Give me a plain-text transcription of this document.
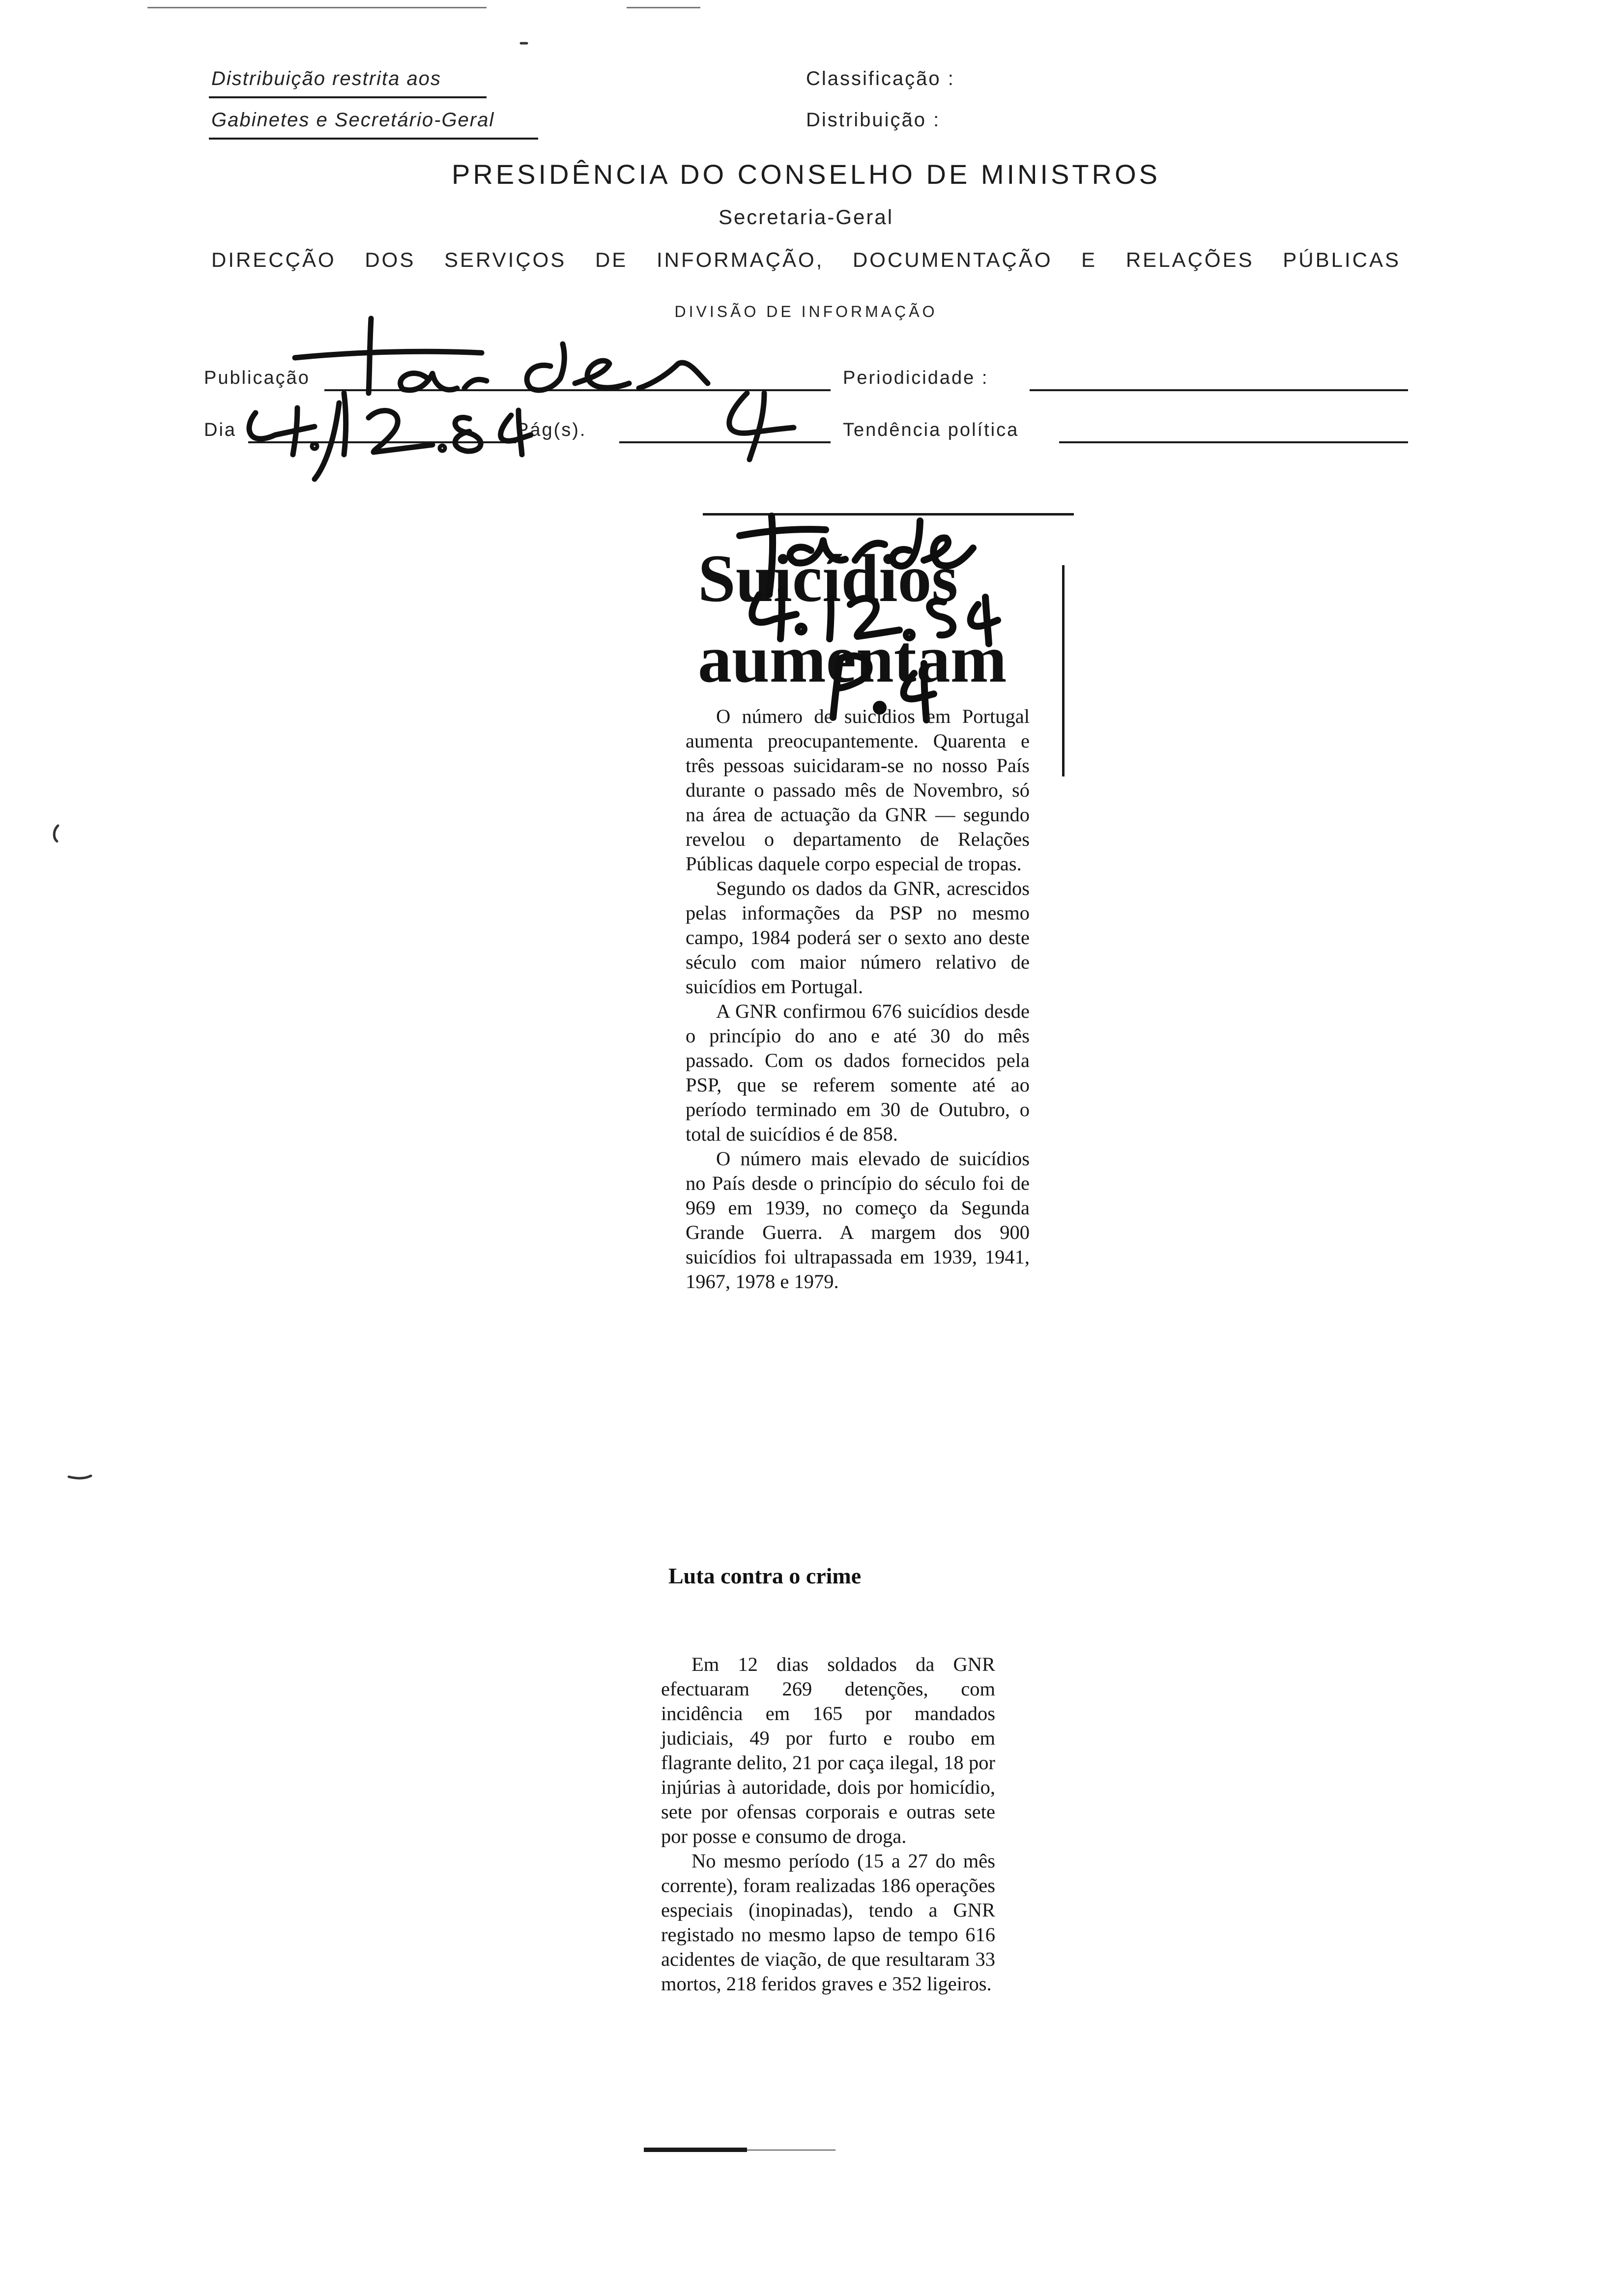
Distribuição restrita aos
Gabinetes e Secretário-Geral
Classificação :
Distribuição :
PRESIDÊNCIA DO CONSELHO DE MINISTROS
Secretaria-Geral
DIRECÇÃO DOS SERVIÇOS DE INFORMAÇÃO, DOCUMENTAÇÃO E RELAÇÕES PÚBLICAS
DIVISÃO DE INFORMAÇÃO
Publicação	Periodicidade :
Dia	Pág(s).	Tendência política
Suicídios
aumentam

O número de suicídios em Portugal aumenta preocupantemente. Quarenta e três pessoas suicidaram-se no nosso País durante o passado mês de Novembro, só na área de actuação da GNR — segundo revelou o departamento de Relações Públicas daquele corpo especial de tropas.

Segundo os dados da GNR, acrescidos pelas informações da PSP no mesmo campo, 1984 poderá ser o sexto ano deste século com maior número relativo de suicídios em Portugal.

A GNR confirmou 676 suicídios desde o princípio do ano e até 30 do mês passado. Com os dados fornecidos pela PSP, que se referem somente até ao período terminado em 30 de Outubro, o total de suicídios é de 858.

O número mais elevado de suicídios no País desde o princípio do século foi de 969 em 1939, no começo da Segunda Grande Guerra. A margem dos 900 suicídios foi ultrapassada em 1939, 1941, 1967, 1978 e 1979.

Luta contra o crime

Em 12 dias soldados da GNR efectuaram 269 detenções, com incidência em 165 por mandados judiciais, 49 por furto e roubo em flagrante delito, 21 por caça ilegal, 18 por injúrias à autoridade, dois por homicídio, sete por ofensas corporais e outras sete por posse e consumo de droga.

No mesmo período (15 a 27 do mês corrente), foram realizadas 186 operações especiais (inopinadas), tendo a GNR registado no mesmo lapso de tempo 616 acidentes de viação, de que resultaram 33 mortos, 218 feridos graves e 352 ligeiros.
